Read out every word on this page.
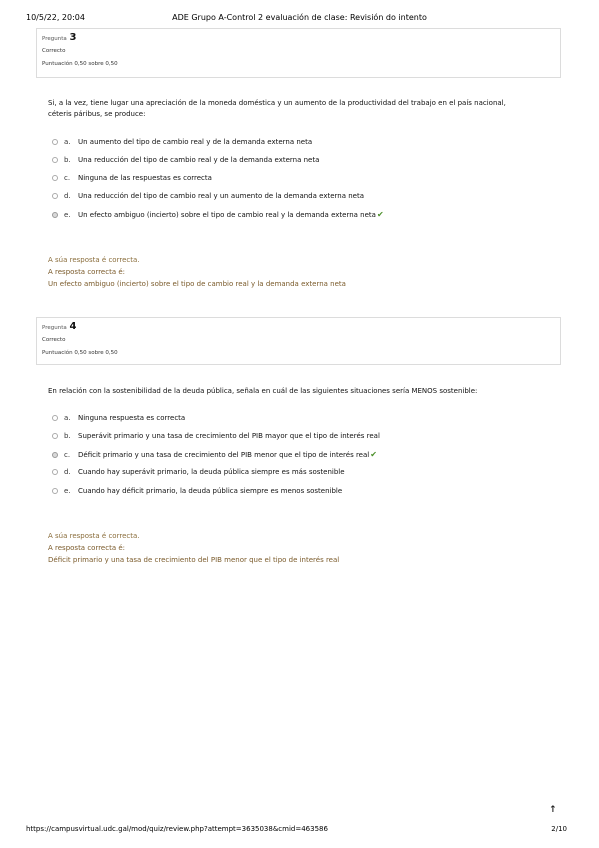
10/5/22, 20:04	ADE Grupo A-Control 2 evaluación de clase: Revisión do intento
Pregunta 3
Correcto
Puntuación 0,50 sobre 0,50
Si, a la vez, tiene lugar una apreciación de la moneda doméstica y un aumento de la productividad del trabajo en el país nacional, céteris páribus, se produce:
a.	Un aumento del tipo de cambio real y de la demanda externa neta
b.	Una reducción del tipo de cambio real y de la demanda externa neta
c.	Ninguna de las respuestas es correcta
d.	Una reducción del tipo de cambio real y un aumento de la demanda externa neta
e.	Un efecto ambiguo (incierto) sobre el tipo de cambio real y la demanda externa neta ✔
A súa resposta é correcta.
A resposta correcta é:
Un efecto ambiguo (incierto) sobre el tipo de cambio real y la demanda externa neta
Pregunta 4
Correcto
Puntuación 0,50 sobre 0,50
En relación con la sostenibilidad de la deuda pública, señala en cuál de las siguientes situaciones sería MENOS sostenible:
a.	Ninguna respuesta es correcta
b.	Superávit primario y una tasa de crecimiento del PIB mayor que el tipo de interés real
c.	Déficit primario y una tasa de crecimiento del PIB menor que el tipo de interés real ✔
d.	Cuando hay superávit primario, la deuda pública siempre es más sostenible
e.	Cuando hay déficit primario, la deuda pública siempre es menos sostenible
A súa resposta é correcta.
A resposta correcta é:
Déficit primario y una tasa de crecimiento del PIB menor que el tipo de interés real
↑
https://campusvirtual.udc.gal/mod/quiz/review.php?attempt=3635038&cmid=463586	2/10
